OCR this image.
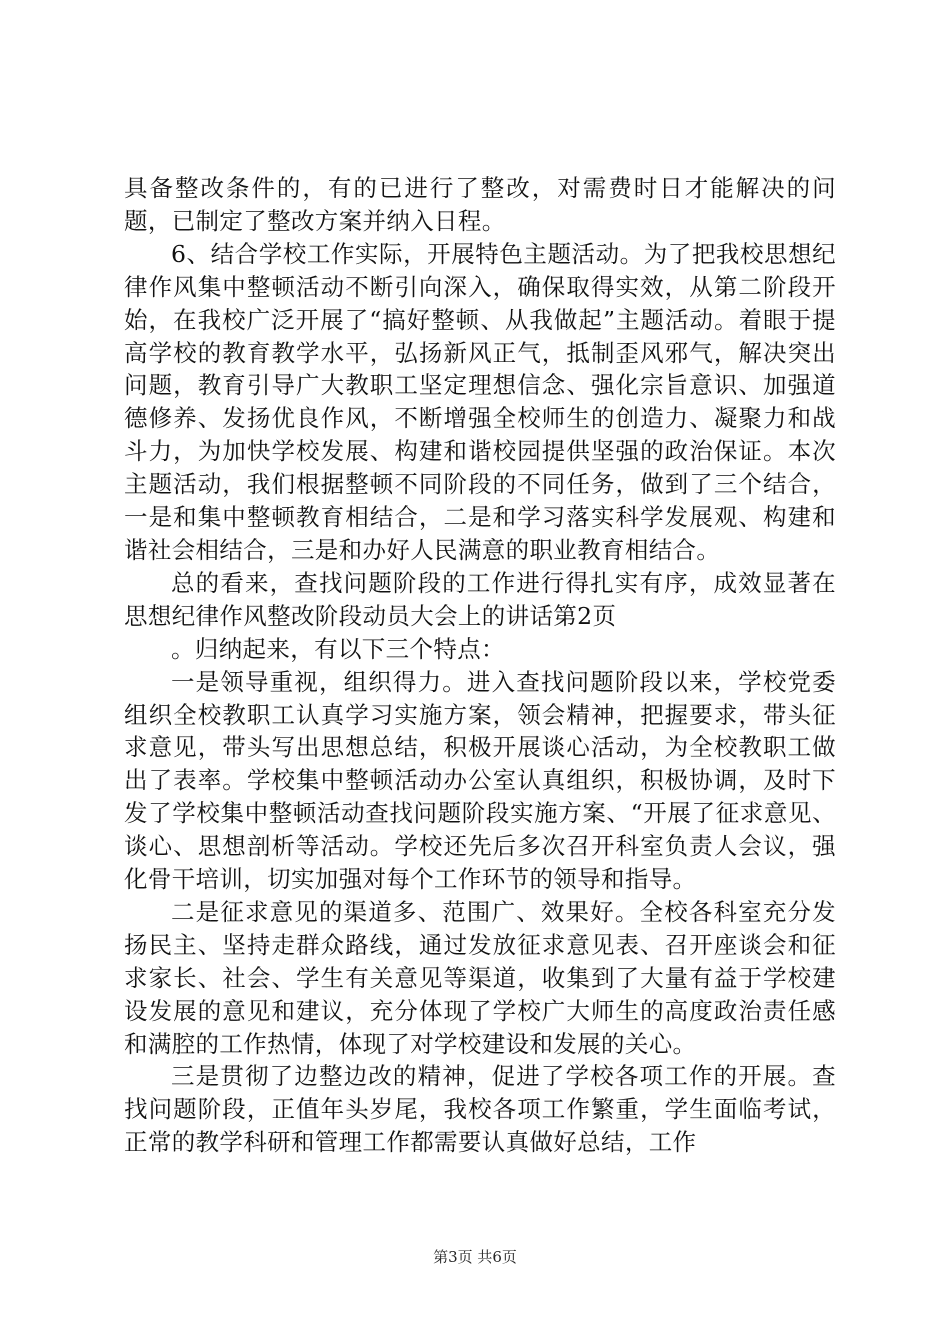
具备整改条件的，有的已进行了整改，对需费时日才能解决的问题，已制定了整改方案并纳入日程。

6、结合学校工作实际，开展特色主题活动。为了把我校思想纪律作风集中整顿活动不断引向深入，确保取得实效，从第二阶段开始，在我校广泛开展了“搞好整顿、从我做起”主题活动。着眼于提高学校的教育教学水平，弘扬新风正气，抵制歪风邪气，解决突出问题，教育引导广大教职工坚定理想信念、强化宗旨意识、加强道德修养、发扬优良作风，不断增强全校师生的创造力、凝聚力和战斗力，为加快学校发展、构建和谐校园提供坚强的政治保证。本次主题活动，我们根据整顿不同阶段的不同任务，做到了三个结合，一是和集中整顿教育相结合，二是和学习落实科学发展观、构建和谐社会相结合，三是和办好人民满意的职业教育相结合。

总的看来，查找问题阶段的工作进行得扎实有序，成效显著在思想纪律作风整改阶段动员大会上的讲话第2页

。归纳起来，有以下三个特点：

一是领导重视，组织得力。进入查找问题阶段以来，学校党委组织全校教职工认真学习实施方案，领会精神，把握要求，带头征求意见，带头写出思想总结，积极开展谈心活动，为全校教职工做出了表率。学校集中整顿活动办公室认真组织，积极协调，及时下发了学校集中整顿活动查找问题阶段实施方案、“开展了征求意见、谈心、思想剖析等活动。学校还先后多次召开科室负责人会议，强化骨干培训，切实加强对每个工作环节的领导和指导。

二是征求意见的渠道多、范围广、效果好。全校各科室充分发扬民主、坚持走群众路线，通过发放征求意见表、召开座谈会和征求家长、社会、学生有关意见等渠道，收集到了大量有益于学校建设发展的意见和建议，充分体现了学校广大师生的高度政治责任感和满腔的工作热情，体现了对学校建设和发展的关心。

三是贯彻了边整边改的精神，促进了学校各项工作的开展。查找问题阶段，正值年头岁尾，我校各项工作繁重，学生面临考试，正常的教学科研和管理工作都需要认真做好总结，工作

第3页 共6页
